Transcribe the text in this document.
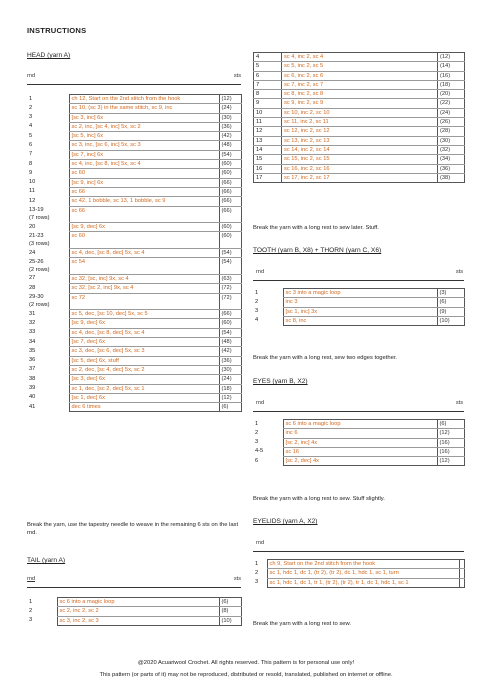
INSTRUCTIONS
HEAD (yarn A)
rnd	sts
1	ch 12, Start on the 2nd stitch from the hook	(12)
2	sc 10, (sc 3) in the same stitch, sc 9, inc	(24)
3	[sc 3, inc] 6x	(30)
4	sc 2, inc, [sc 4, inc] 5x, sc 2	(36)
5	[sc 5, inc] 6x	(42)
6	sc 3, inc, [sc 6, inc] 5x, sc 3	(48)
7	[sc 7, inc] 6x	(54)
8	sc 4, inc, [sc 8, inc] 5x, sc 4	(60)
9	sc 60	(60)
10	[sc 9, inc] 6x	(66)
11	sc 66	(66)
12	sc 42, 1 bobble, sc 13, 1 bobble, sc 9	(66)
13-19
(7 rows)	sc 66	(66)
20	[sc 9, dec] 6x	(60)
21-23
(3 rows)	sc 60	(60)
24	sc 4, dec, [sc 8, dec] 5x, sc 4	(54)
25-26
(2 rows)	sc 54	(54)
27	sc 32, [sc, inc] 9x, sc 4	(63)
28	sc 32, [sc 2, inc] 9x, sc 4	(72)
29-30
(2 rows)	sc 72	(72)
31	sc 5, dec, [sc 10, dec] 5x, sc 5	(66)
32	[sc 9, dec] 6x	(60)
33	sc 4, dec, [sc 8, dec] 5x, sc 4	(54)
34	[sc 7, dec] 6x	(48)
35	sc 3, dec, [sc 6, dec] 5x, sc 3	(42)
36	[sc 5, dec] 6x, stuff	(36)
37	sc 2, dec, [sc 4, dec] 5x, sc 2	(30)
38	[sc 3, dec] 6x	(24)
39	sc 1, dec, [sc 2, dec] 5x, sc 1	(18)
40	[sc 1, dec] 6x	(12)
41	dec 6 times	(6)
Break the yarn, use the tapestry needle to weave in the remaining 6 sts on the last rnd.
TAIL (yarn A)
rnd	sts
1	sc 6 into a magic loop	(6)
2	sc 2, inc 2, sc 2	(8)
3	sc 3, inc 2, sc 3	(10)
4	sc 4, inc 2, sc 4	(12)
5	sc 5, inc 2, sc 5	(14)
6	sc 6, inc 2, sc 6	(16)
7	sc 7, inc 2, sc 7	(18)
8	sc 8, inc 2, sc 8	(20)
9	sc 9, inc 2, sc 9	(22)
10	sc 10, inc 2, sc 10	(24)
11	sc 11, inc 2, sc 11	(26)
12	sc 12, inc 2, sc 12	(28)
13	sc 13, inc 2, sc 13	(30)
14	sc 14, inc 2, sc 14	(32)
15	sc 15, inc 2, sc 15	(34)
16	sc 16, inc 2, sc 16	(36)
17	sc 17, inc 2, sc 17	(38)
Break the yarn with a long rest to sew later. Stuff.
TOOTH (yarn B, X8) + THORN (yarn C, X6)
rnd	sts
1	sc 3 into a magic loop	(3)
2	inc 3	(6)
3	[sc 1, inc] 3x	(9)
4	sc 8, inc	(10)
Break the yarn with a long rest, sew two edges together.
EYES (yarn B, X2)
rnd	sts
1	sc 6 into a magic loop	(6)
2	inc 6	(12)
3	[sc 2, inc] 4x	(16)
4-5	sc 16	(16)
6	[sc 2, dec] 4x	(12)
Break the yarn with a long rest to sew. Stuff slightly.
EYELIDS (yarn A, X2)
rnd
1	ch 9, Start on the 2nd stitch from the hook	
2	sc 1, hdc 1, dc 1, (tr 2), (tr 2), dc 1, hdc 1, sc 1, turn	
3	sc 1, hdc 1, dc 1, tr 1, (tr 2), (tr 2), tr 1, dc 1, hdc 1, sc 1	
Break the yarn with a long rest to sew.
@2020 Acuariwool Crochet. All rights reserved. This pattern is for personal use only!
This pattern (or parts of it) may not be reproduced, distributed or resold, translated, published on internet or offline.
